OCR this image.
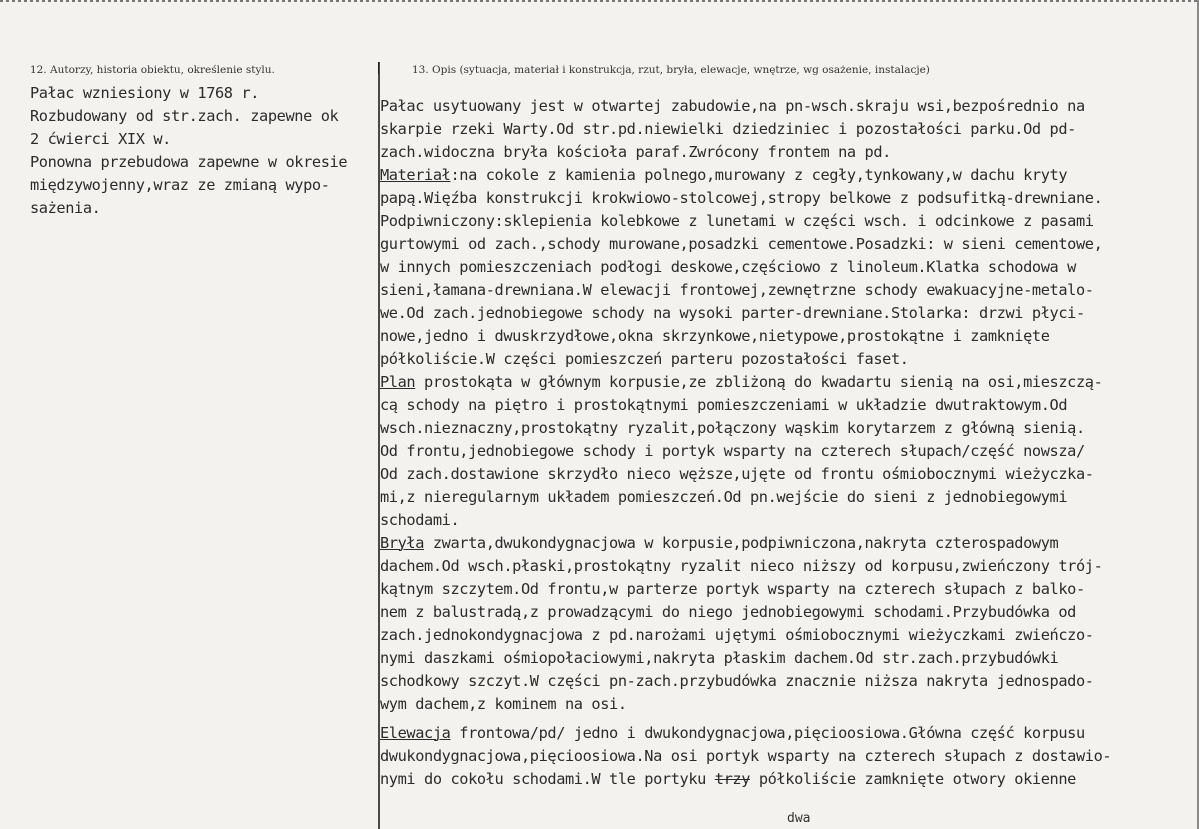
12. Autorzy, historia obiektu, określenie stylu.	13. Opis (sytuacja, materiał i konstrukcja, rzut, bryła, elewacje, wnętrze, wg osażenie, instalacje)
Pałac wzniesiony w 1768 r.
Rozbudowany od str.zach. zapewne ok
2 ćwierci XIX w.
Ponowna przebudowa zapewne w okresie
międzywojenny,wraz ze zmianą wypo-
sażenia.
Pałac usytuowany jest w otwartej zabudowie,na pn-wsch.skraju wsi,bezpośrednio na
skarpie rzeki Warty.Od str.pd.niewielki dziedziniec i pozostałości parku.Od pd-
zach.widoczna bryła kościoła paraf.Zwrócony frontem na pd.
Materiał:na cokole z kamienia polnego,murowany z cegły,tynkowany,w dachu kryty
papą.Więźba konstrukcji krokwiowo-stolcowej,stropy belkowe z podsufitką-drewniane.
Podpiwniczony:sklepienia kolebkowe z lunetami w części wsch. i odcinkowe z pasami
gurtowymi od zach.,schody murowane,posadzki cementowe.Posadzki: w sieni cementowe,
w innych pomieszczeniach podłogi deskowe,częściowo z linoleum.Klatka schodowa w
sieni,łamana-drewniana.W elewacji frontowej,zewnętrzne schody ewakuacyjne-metalo-
we.Od zach.jednobiegowe schody na wysoki parter-drewniane.Stolarka: drzwi płyci-
nowe,jedno i dwuskrzydłowe,okna skrzynkowe,nietypowe,prostokątne i zamknięte
półkoliście.W części pomieszczeń parteru pozostałości faset.
Plan prostokąta w głównym korpusie,ze zbliżoną do kwadartu sienią na osi,mieszczą-
cą schody na piętro i prostokątnymi pomieszczeniami w układzie dwutraktowym.Od
wsch.nieznaczny,prostokątny ryzalit,połączony wąskim korytarzem z główną sienią.
Od frontu,jednobiegowe schody i portyk wsparty na czterech słupach/część nowsza/
Od zach.dostawione skrzydło nieco węższe,ujęte od frontu ośmiobocznymi wieżyczka-
mi,z nieregularnym układem pomieszczeń.Od pn.wejście do sieni z jednobiegowymi
schodami.
Bryła zwarta,dwukondygnacjowa w korpusie,podpiwniczona,nakryta czterospadowym
dachem.Od wsch.płaski,prostokątny ryzalit nieco niższy od korpusu,zwieńczony trój-
kątnym szczytem.Od frontu,w parterze portyk wsparty na czterech słupach z balko-
nem z balustradą,z prowadzącymi do niego jednobiegowymi schodami.Przybudówka od
zach.jednokondygnacjowa z pd.narożami ujętymi ośmiobocznymi wieżyczkami zwieńczo-
nymi daszkami ośmiopołaciowymi,nakryta płaskim dachem.Od str.zach.przybudówki
schodkowy szczyt.W części pn-zach.przybudówka znacznie niższa nakryta jednospado-
wym dachem,z kominem na osi.
Elewacja frontowa/pd/ jedno i dwukondygnacjowa,pięcioosiowa.Główna część korpusu
dwukondygnacjowa,pięcioosiowa.Na osi portyk wsparty na czterech słupach z dostawio-
nymi do cokołu schodami.W tle portyku trzy półkoliście zamknięte otwory okienne
dwa
